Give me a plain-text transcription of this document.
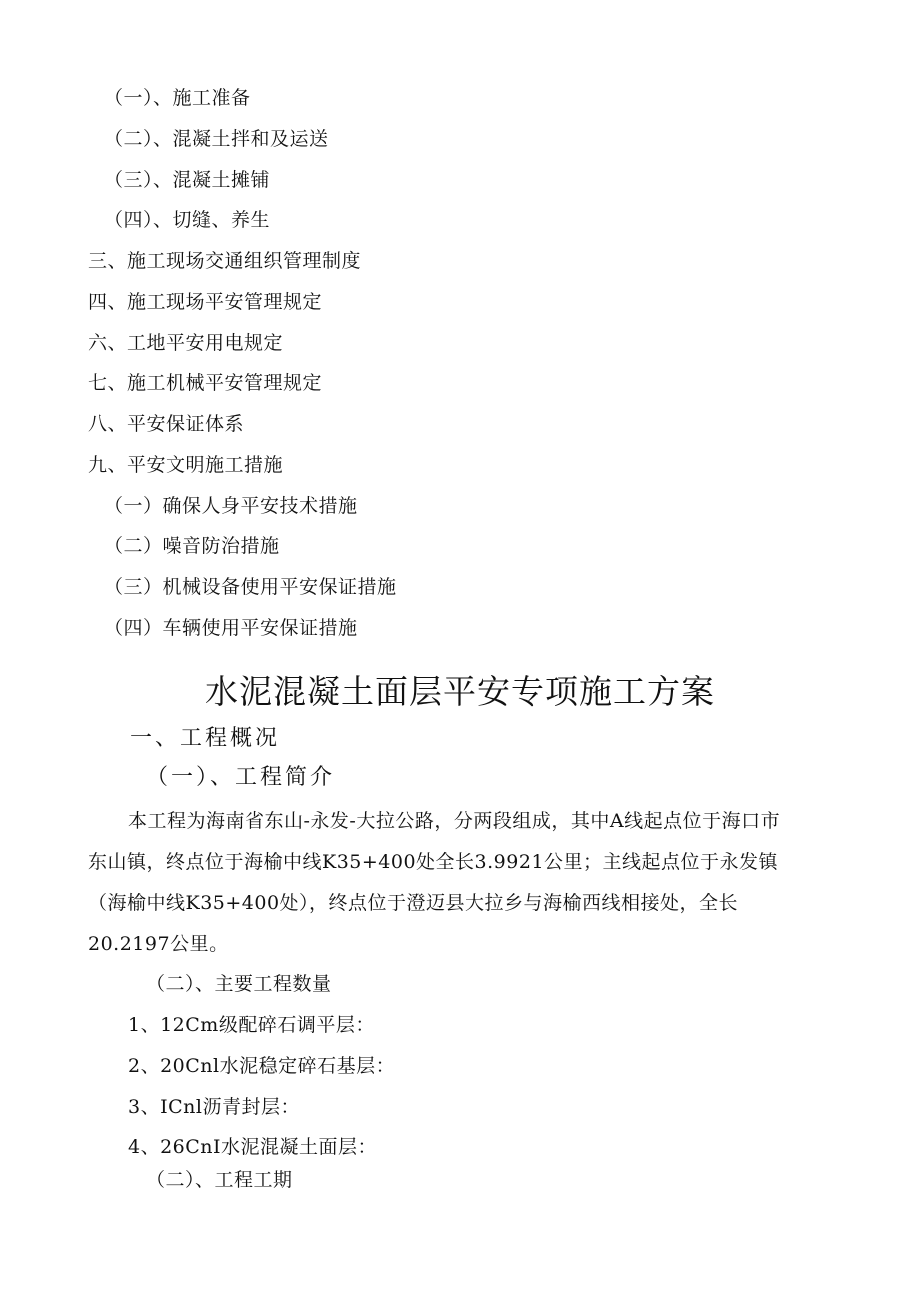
（一）、施工准备
（二）、混凝土拌和及运送
（三）、混凝土摊铺
（四）、切缝、养生
三、施工现场交通组织管理制度
四、施工现场平安管理规定
六、工地平安用电规定
七、施工机械平安管理规定
八、平安保证体系
九、平安文明施工措施
（一）确保人身平安技术措施
（二）噪音防治措施
（三）机械设备使用平安保证措施
（四）车辆使用平安保证措施
水泥混凝土面层平安专项施工方案
一、工程概况
（一）、工程简介
本工程为海南省东山-永发-大拉公路，分两段组成，其中A线起点位于海口市
东山镇，终点位于海榆中线K35+400处全长3.9921公里；主线起点位于永发镇
（海榆中线K35+400处），终点位于澄迈县大拉乡与海榆西线相接处，全长
20.2197公里。
（二）、主要工程数量
1、12Cm级配碎石调平层：
2、20Cnl水泥稳定碎石基层：
3、ICnl沥青封层：
4、26CnI水泥混凝土面层：
（二）、工程工期
